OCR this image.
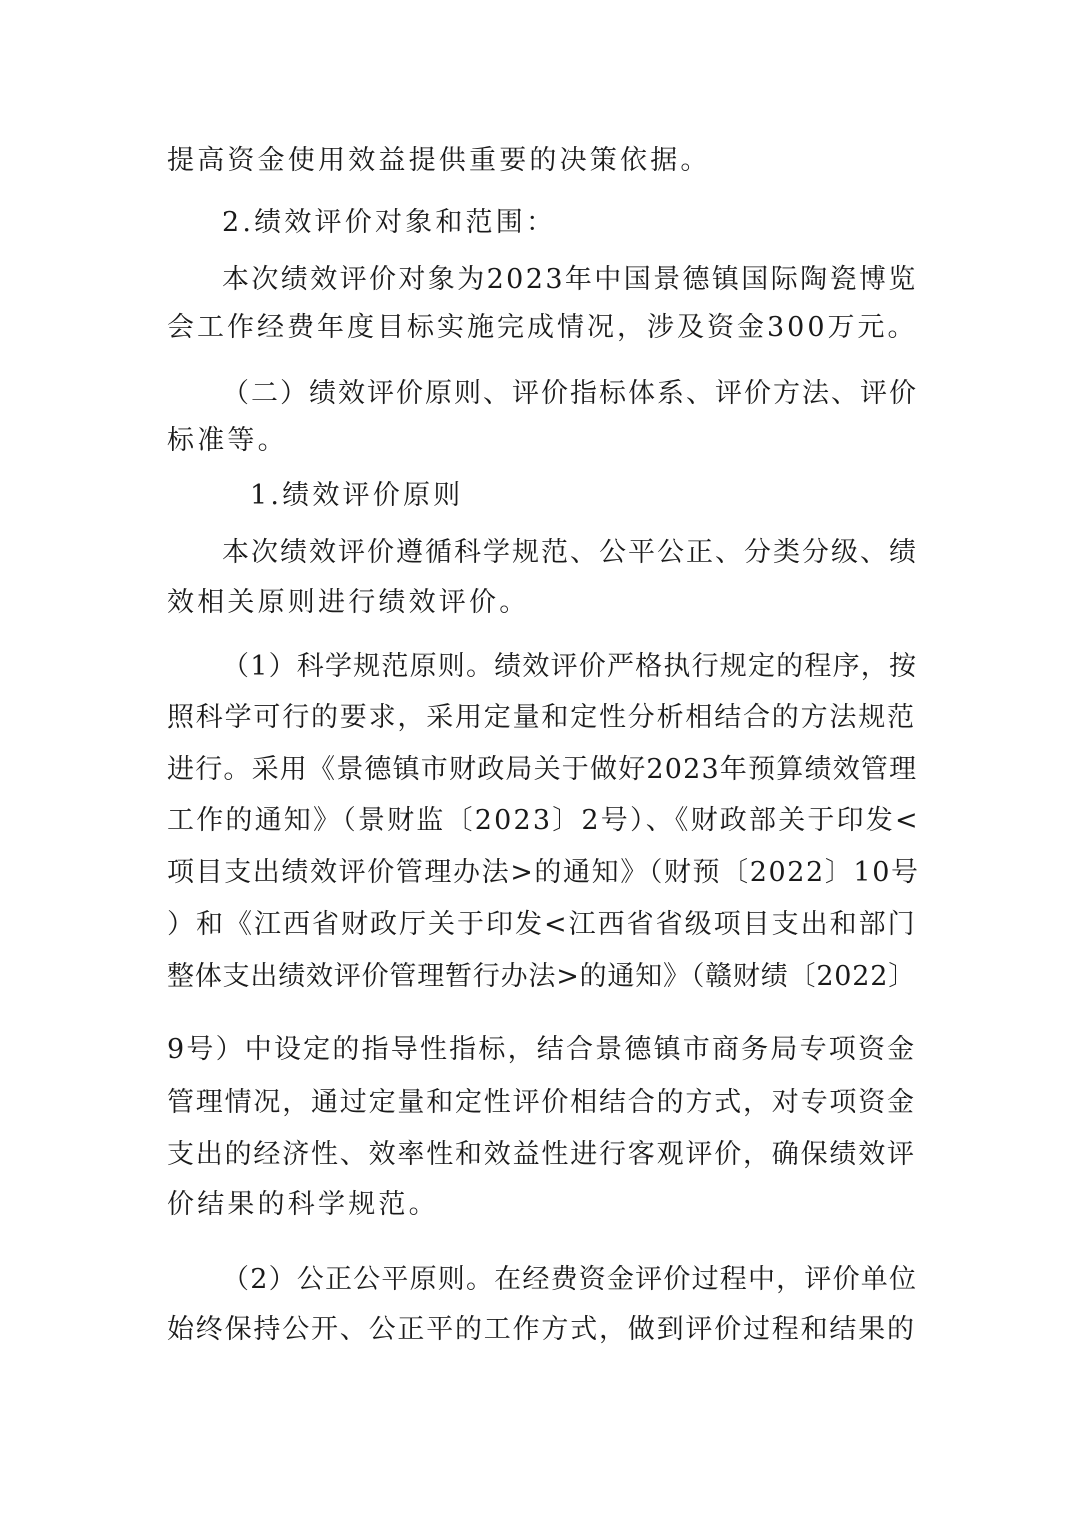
提高资金使用效益提供重要的决策依据。
2.绩效评价对象和范围：
本次绩效评价对象为2023年中国景德镇国际陶瓷博览
会工作经费年度目标实施完成情况，涉及资金300万元。
（二）绩效评价原则、评价指标体系、评价方法、评价
标准等。
1.绩效评价原则
本次绩效评价遵循科学规范、公平公正、分类分级、绩
效相关原则进行绩效评价。
（1）科学规范原则。绩效评价严格执行规定的程序，按
照科学可行的要求，采用定量和定性分析相结合的方法规范
进行。采用《景德镇市财政局关于做好2023年预算绩效管理
工作的通知》（景财监〔2023〕2号）、《财政部关于印发<
项目支出绩效评价管理办法>的通知》（财预〔2022〕10号
）和《江西省财政厅关于印发<江西省省级项目支出和部门
整体支出绩效评价管理暂行办法>的通知》（赣财绩〔2022〕
9号）中设定的指导性指标，结合景德镇市商务局专项资金
管理情况，通过定量和定性评价相结合的方式，对专项资金
支出的经济性、效率性和效益性进行客观评价，确保绩效评
价结果的科学规范。
（2）公正公平原则。在经费资金评价过程中，评价单位
始终保持公开、公正平的工作方式，做到评价过程和结果的
